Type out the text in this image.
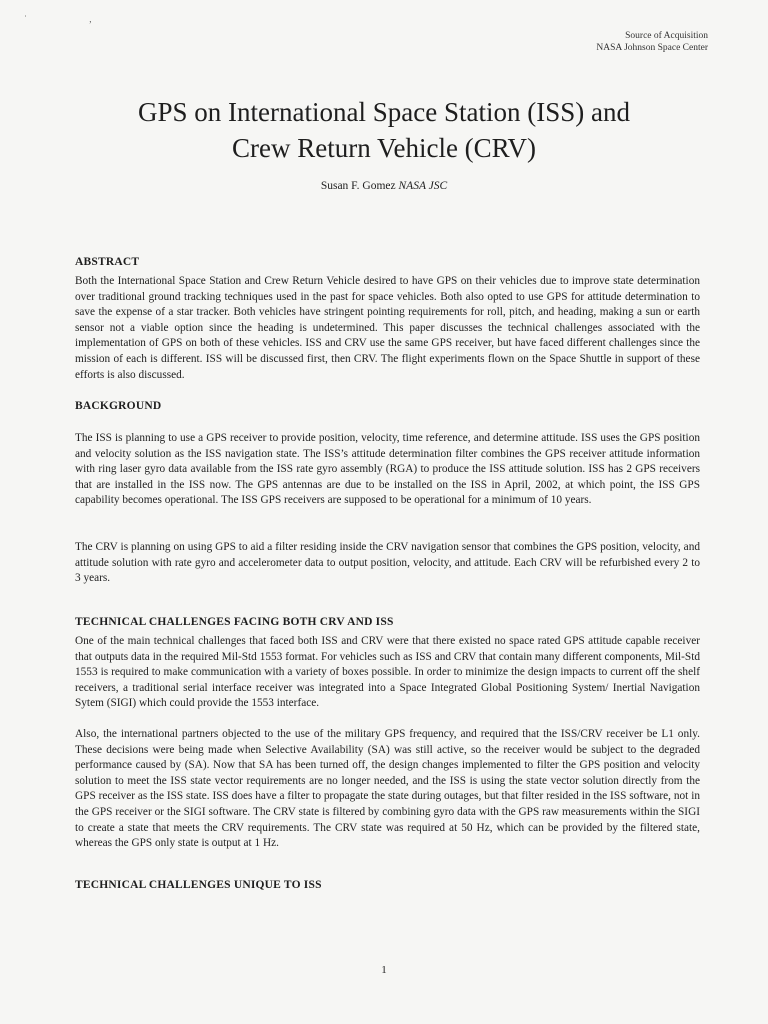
˙ ,
Source of Acquisition
NASA Johnson Space Center
GPS on International Space Station (ISS) and
Crew Return Vehicle (CRV)
Susan F. Gomez NASA JSC
ABSTRACT

Both the International Space Station and Crew Return Vehicle desired to have GPS on their vehicles due to improve state determination over traditional ground tracking techniques used in the past for space vehicles. Both also opted to use GPS for attitude determination to save the expense of a star tracker. Both vehicles have stringent pointing requirements for roll, pitch, and heading, making a sun or earth sensor not a viable option since the heading is undetermined. This paper discusses the technical challenges associated with the implementation of GPS on both of these vehicles. ISS and CRV use the same GPS receiver, but have faced different challenges since the mission of each is different. ISS will be discussed first, then CRV. The flight experiments flown on the Space Shuttle in support of these efforts is also discussed.

BACKGROUND

The ISS is planning to use a GPS receiver to provide position, velocity, time reference, and determine attitude. ISS uses the GPS position and velocity solution as the ISS navigation state. The ISS’s attitude determination filter combines the GPS receiver attitude information with ring laser gyro data available from the ISS rate gyro assembly (RGA) to produce the ISS attitude solution. ISS has 2 GPS receivers that are installed in the ISS now. The GPS antennas are due to be installed on the ISS in April, 2002, at which point, the ISS GPS capability becomes operational. The ISS GPS receivers are supposed to be operational for a minimum of 10 years.

The CRV is planning on using GPS to aid a filter residing inside the CRV navigation sensor that combines the GPS position, velocity, and attitude solution with rate gyro and accelerometer data to output position, velocity, and attitude. Each CRV will be refurbished every 2 to 3 years.

TECHNICAL CHALLENGES FACING BOTH CRV AND ISS

One of the main technical challenges that faced both ISS and CRV were that there existed no space rated GPS attitude capable receiver that outputs data in the required Mil-Std 1553 format. For vehicles such as ISS and CRV that contain many different components, Mil-Std 1553 is required to make communication with a variety of boxes possible. In order to minimize the design impacts to current off the shelf receivers, a traditional serial interface receiver was integrated into a Space Integrated Global Positioning System/ Inertial Navigation Sytem (SIGI) which could provide the 1553 interface.

Also, the international partners objected to the use of the military GPS frequency, and required that the ISS/CRV receiver be L1 only. These decisions were being made when Selective Availability (SA) was still active, so the receiver would be subject to the degraded performance caused by (SA). Now that SA has been turned off, the design changes implemented to filter the GPS position and velocity solution to meet the ISS state vector requirements are no longer needed, and the ISS is using the state vector solution directly from the GPS receiver as the ISS state. ISS does have a filter to propagate the state during outages, but that filter resided in the ISS software, not in the GPS receiver or the SIGI software. The CRV state is filtered by combining gyro data with the GPS raw measurements within the SIGI to create a state that meets the CRV requirements. The CRV state was required at 50 Hz, which can be provided by the filtered state, whereas the GPS only state is output at 1 Hz.

TECHNICAL CHALLENGES UNIQUE TO ISS
1
